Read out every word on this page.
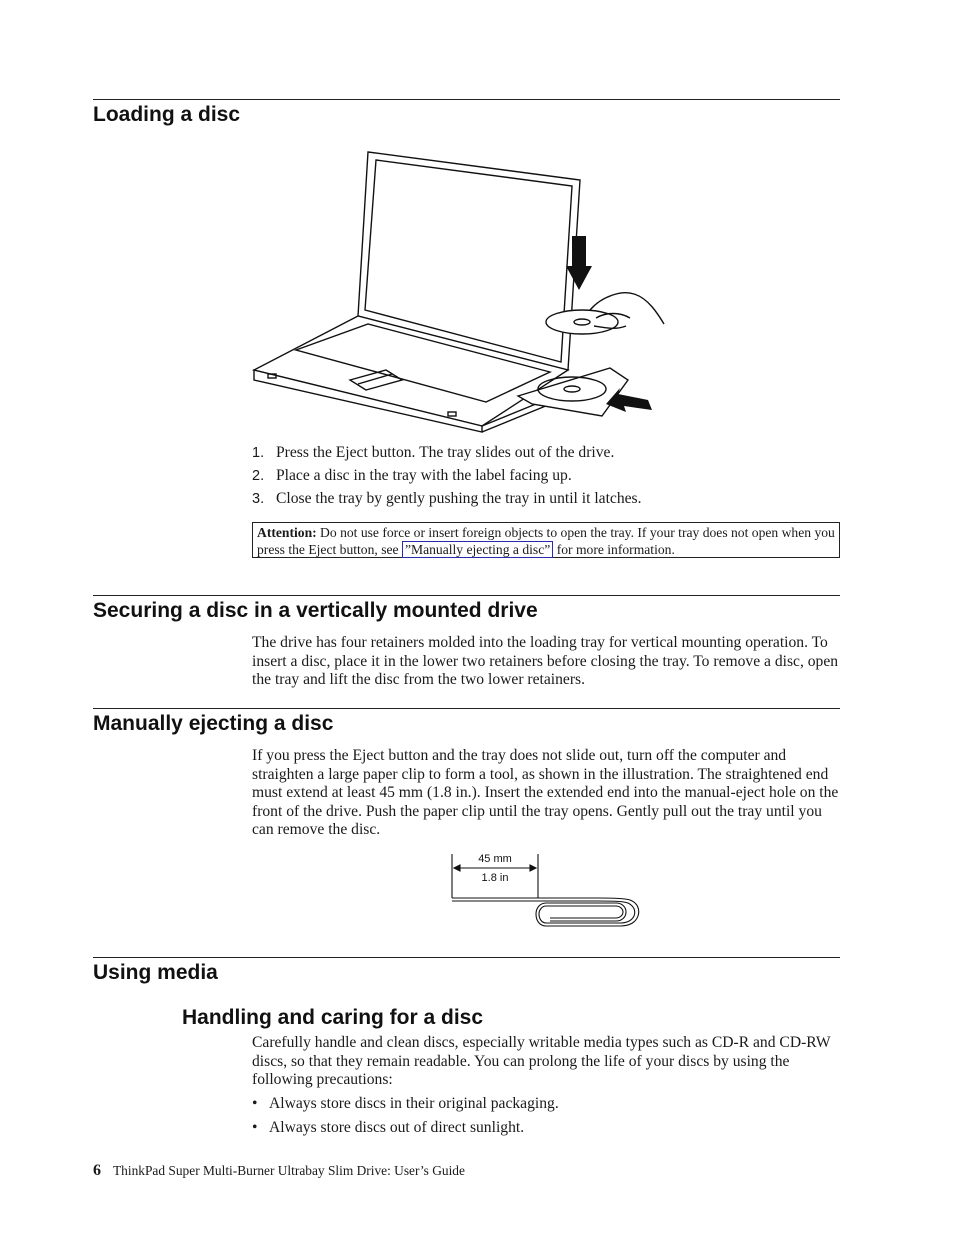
Loading a disc
1. Press the Eject button. The tray slides out of the drive.
2. Place a disc in the tray with the label facing up.
3. Close the tray by gently pushing the tray in until it latches.
Attention: Do not use force or insert foreign objects to open the tray. If your tray does not open when you press the Eject button, see ”Manually ejecting a disc” for more information.
Securing a disc in a vertically mounted drive

The drive has four retainers molded into the loading tray for vertical mounting operation. To insert a disc, place it in the lower two retainers before closing the tray. To remove a disc, open the tray and lift the disc from the two lower retainers.

Manually ejecting a disc

If you press the Eject button and the tray does not slide out, turn off the computer and straighten a large paper clip to form a tool, as shown in the illustration. The straightened end must extend at least 45 mm (1.8 in.). Insert the extended end into the manual-eject hole on the front of the drive. Push the paper clip until the tray opens. Gently pull out the tray until you can remove the disc.

45 mm
1.8 in
Using media
Handling and caring for a disc

Carefully handle and clean discs, especially writable media types such as CD-R and CD-RW discs, so that they remain readable. You can prolong the life of your discs by using the following precautions:

• Always store discs in their original packaging.
• Always store discs out of direct sunlight.
6 ThinkPad Super Multi-Burner Ultrabay Slim Drive: User’s Guide
